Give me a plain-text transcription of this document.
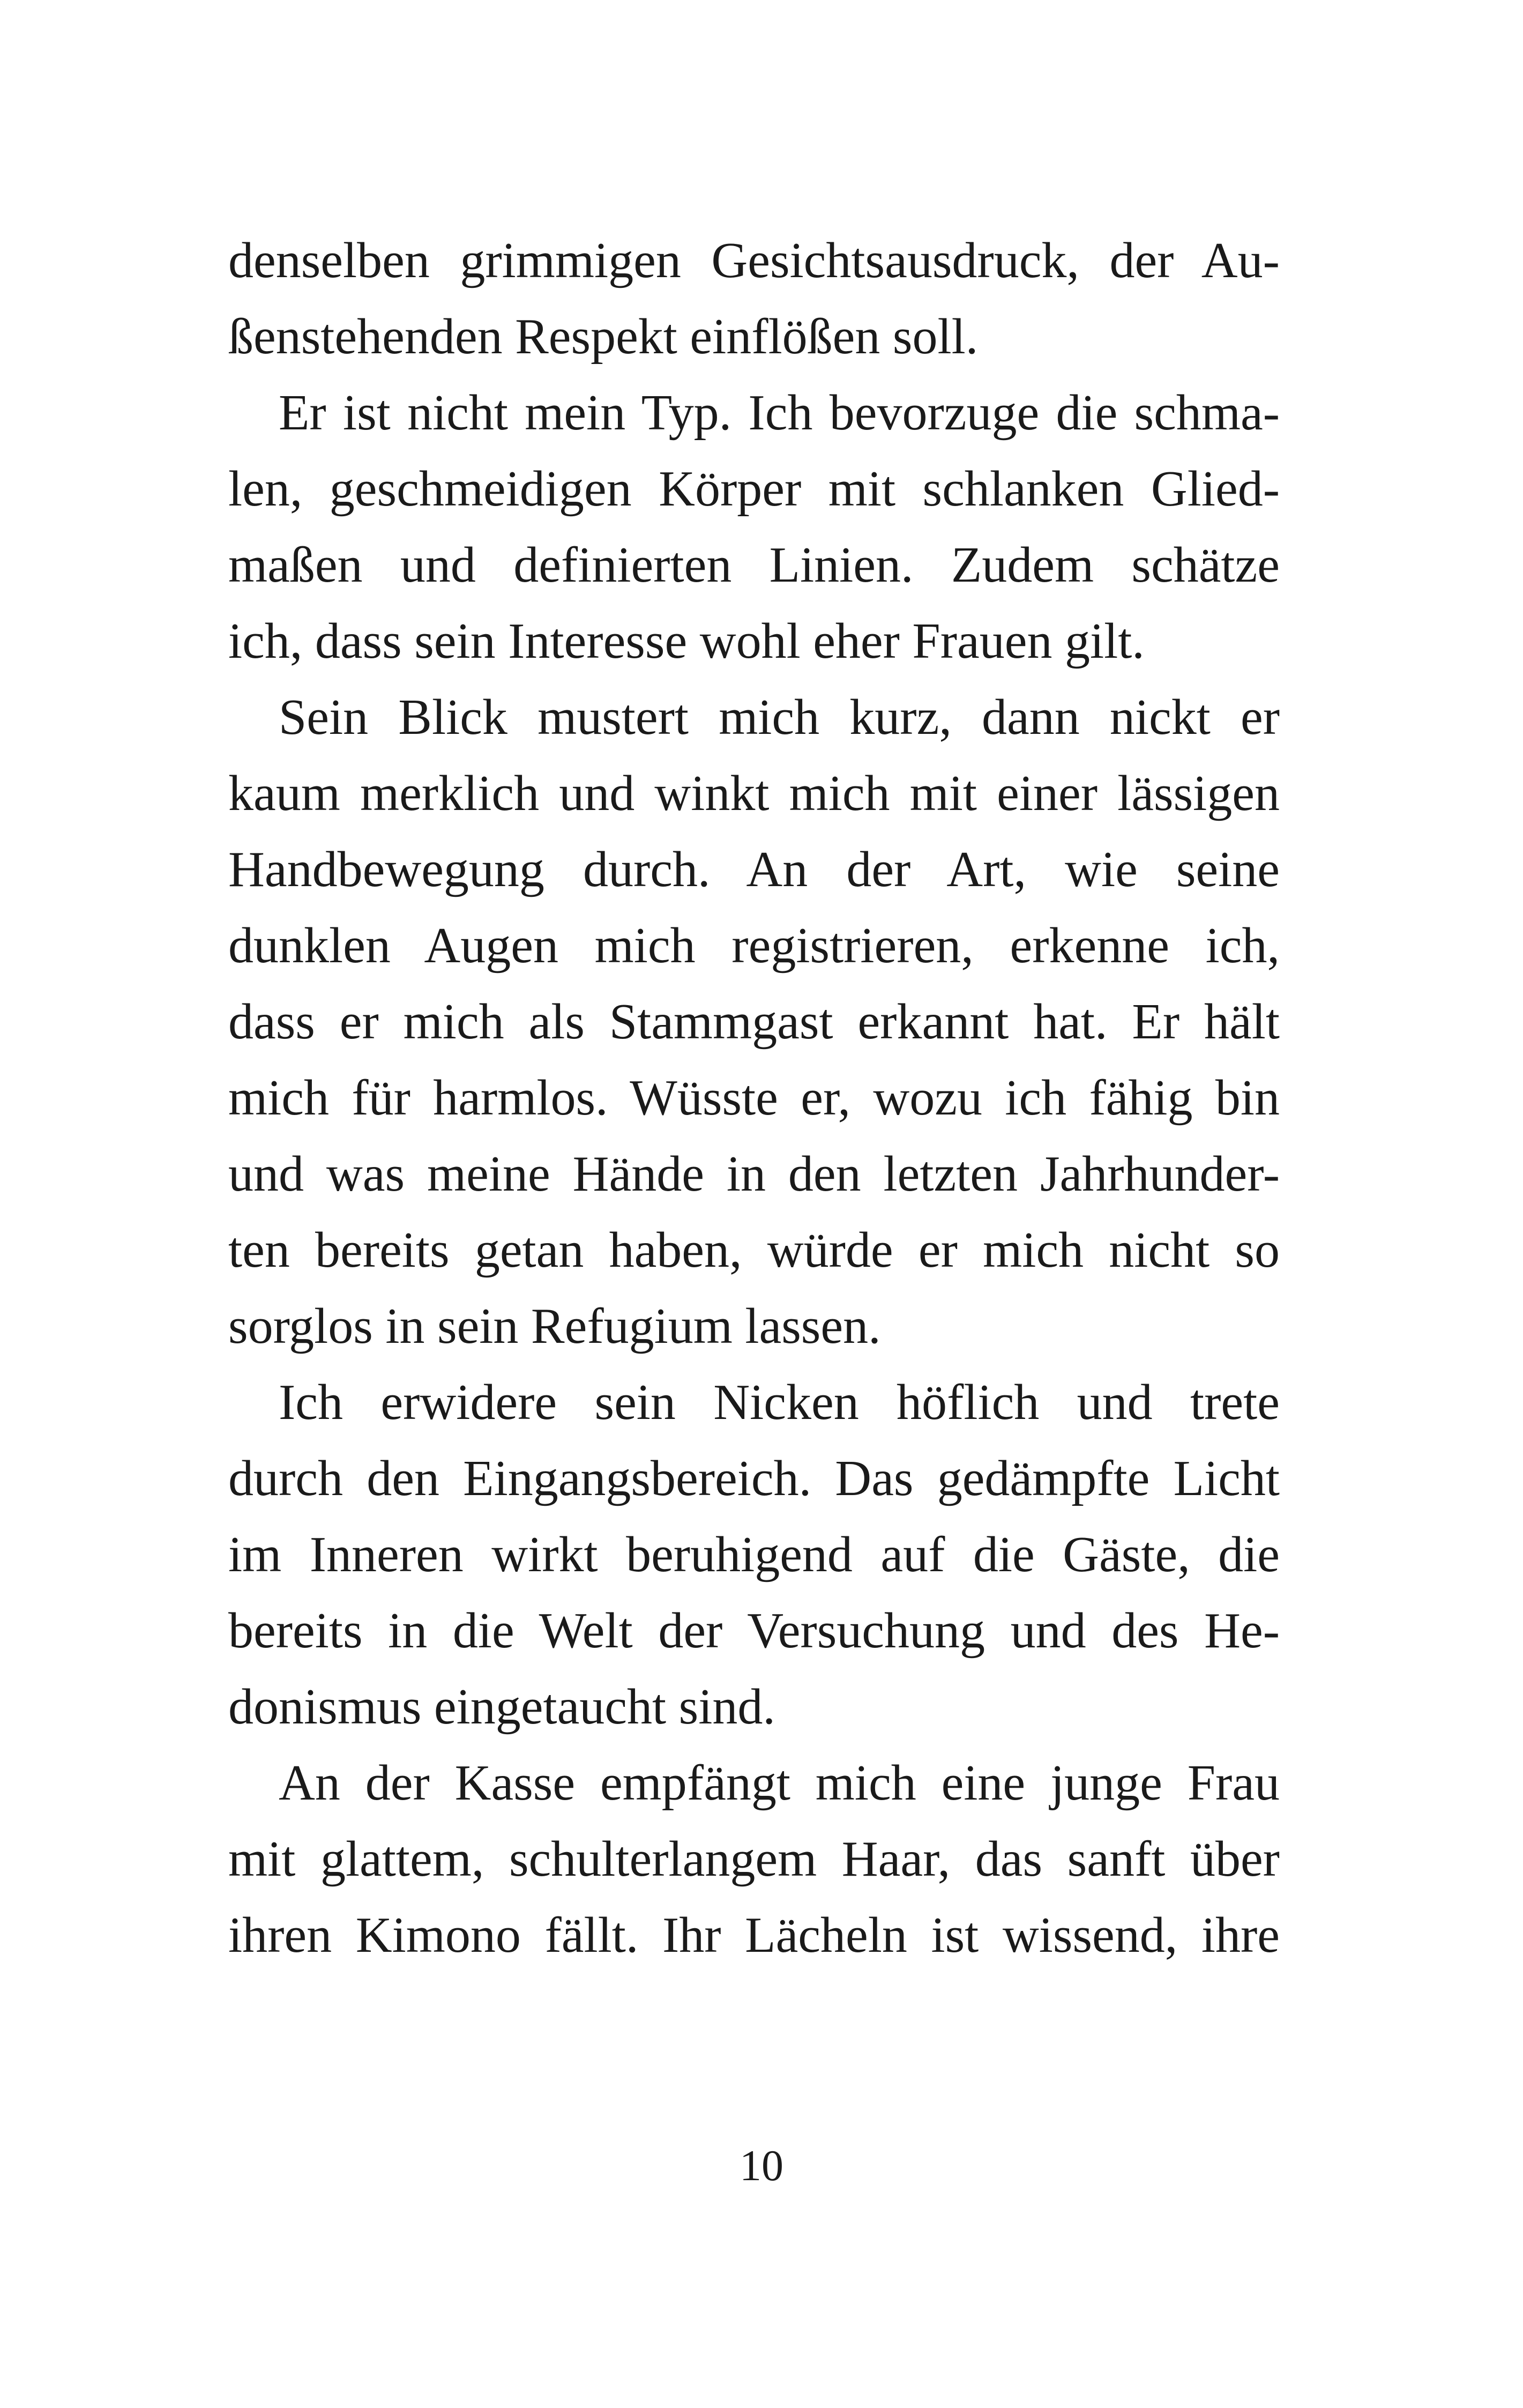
denselben grimmigen Gesichtsausdruck, der Au-
ßenstehenden Respekt einflößen soll.
Er ist nicht mein Typ. Ich bevorzuge die schma-
len, geschmeidigen Körper mit schlanken Glied-
maßen und definierten Linien. Zudem schätze
ich, dass sein Interesse wohl eher Frauen gilt.
Sein Blick mustert mich kurz, dann nickt er
kaum merklich und winkt mich mit einer lässigen
Handbewegung durch. An der Art, wie seine
dunklen Augen mich registrieren, erkenne ich,
dass er mich als Stammgast erkannt hat. Er hält
mich für harmlos. Wüsste er, wozu ich fähig bin
und was meine Hände in den letzten Jahrhunder-
ten bereits getan haben, würde er mich nicht so
sorglos in sein Refugium lassen.
Ich erwidere sein Nicken höflich und trete
durch den Eingangsbereich. Das gedämpfte Licht
im Inneren wirkt beruhigend auf die Gäste, die
bereits in die Welt der Versuchung und des He-
donismus eingetaucht sind.
An der Kasse empfängt mich eine junge Frau
mit glattem, schulterlangem Haar, das sanft über
ihren Kimono fällt. Ihr Lächeln ist wissend, ihre
10
